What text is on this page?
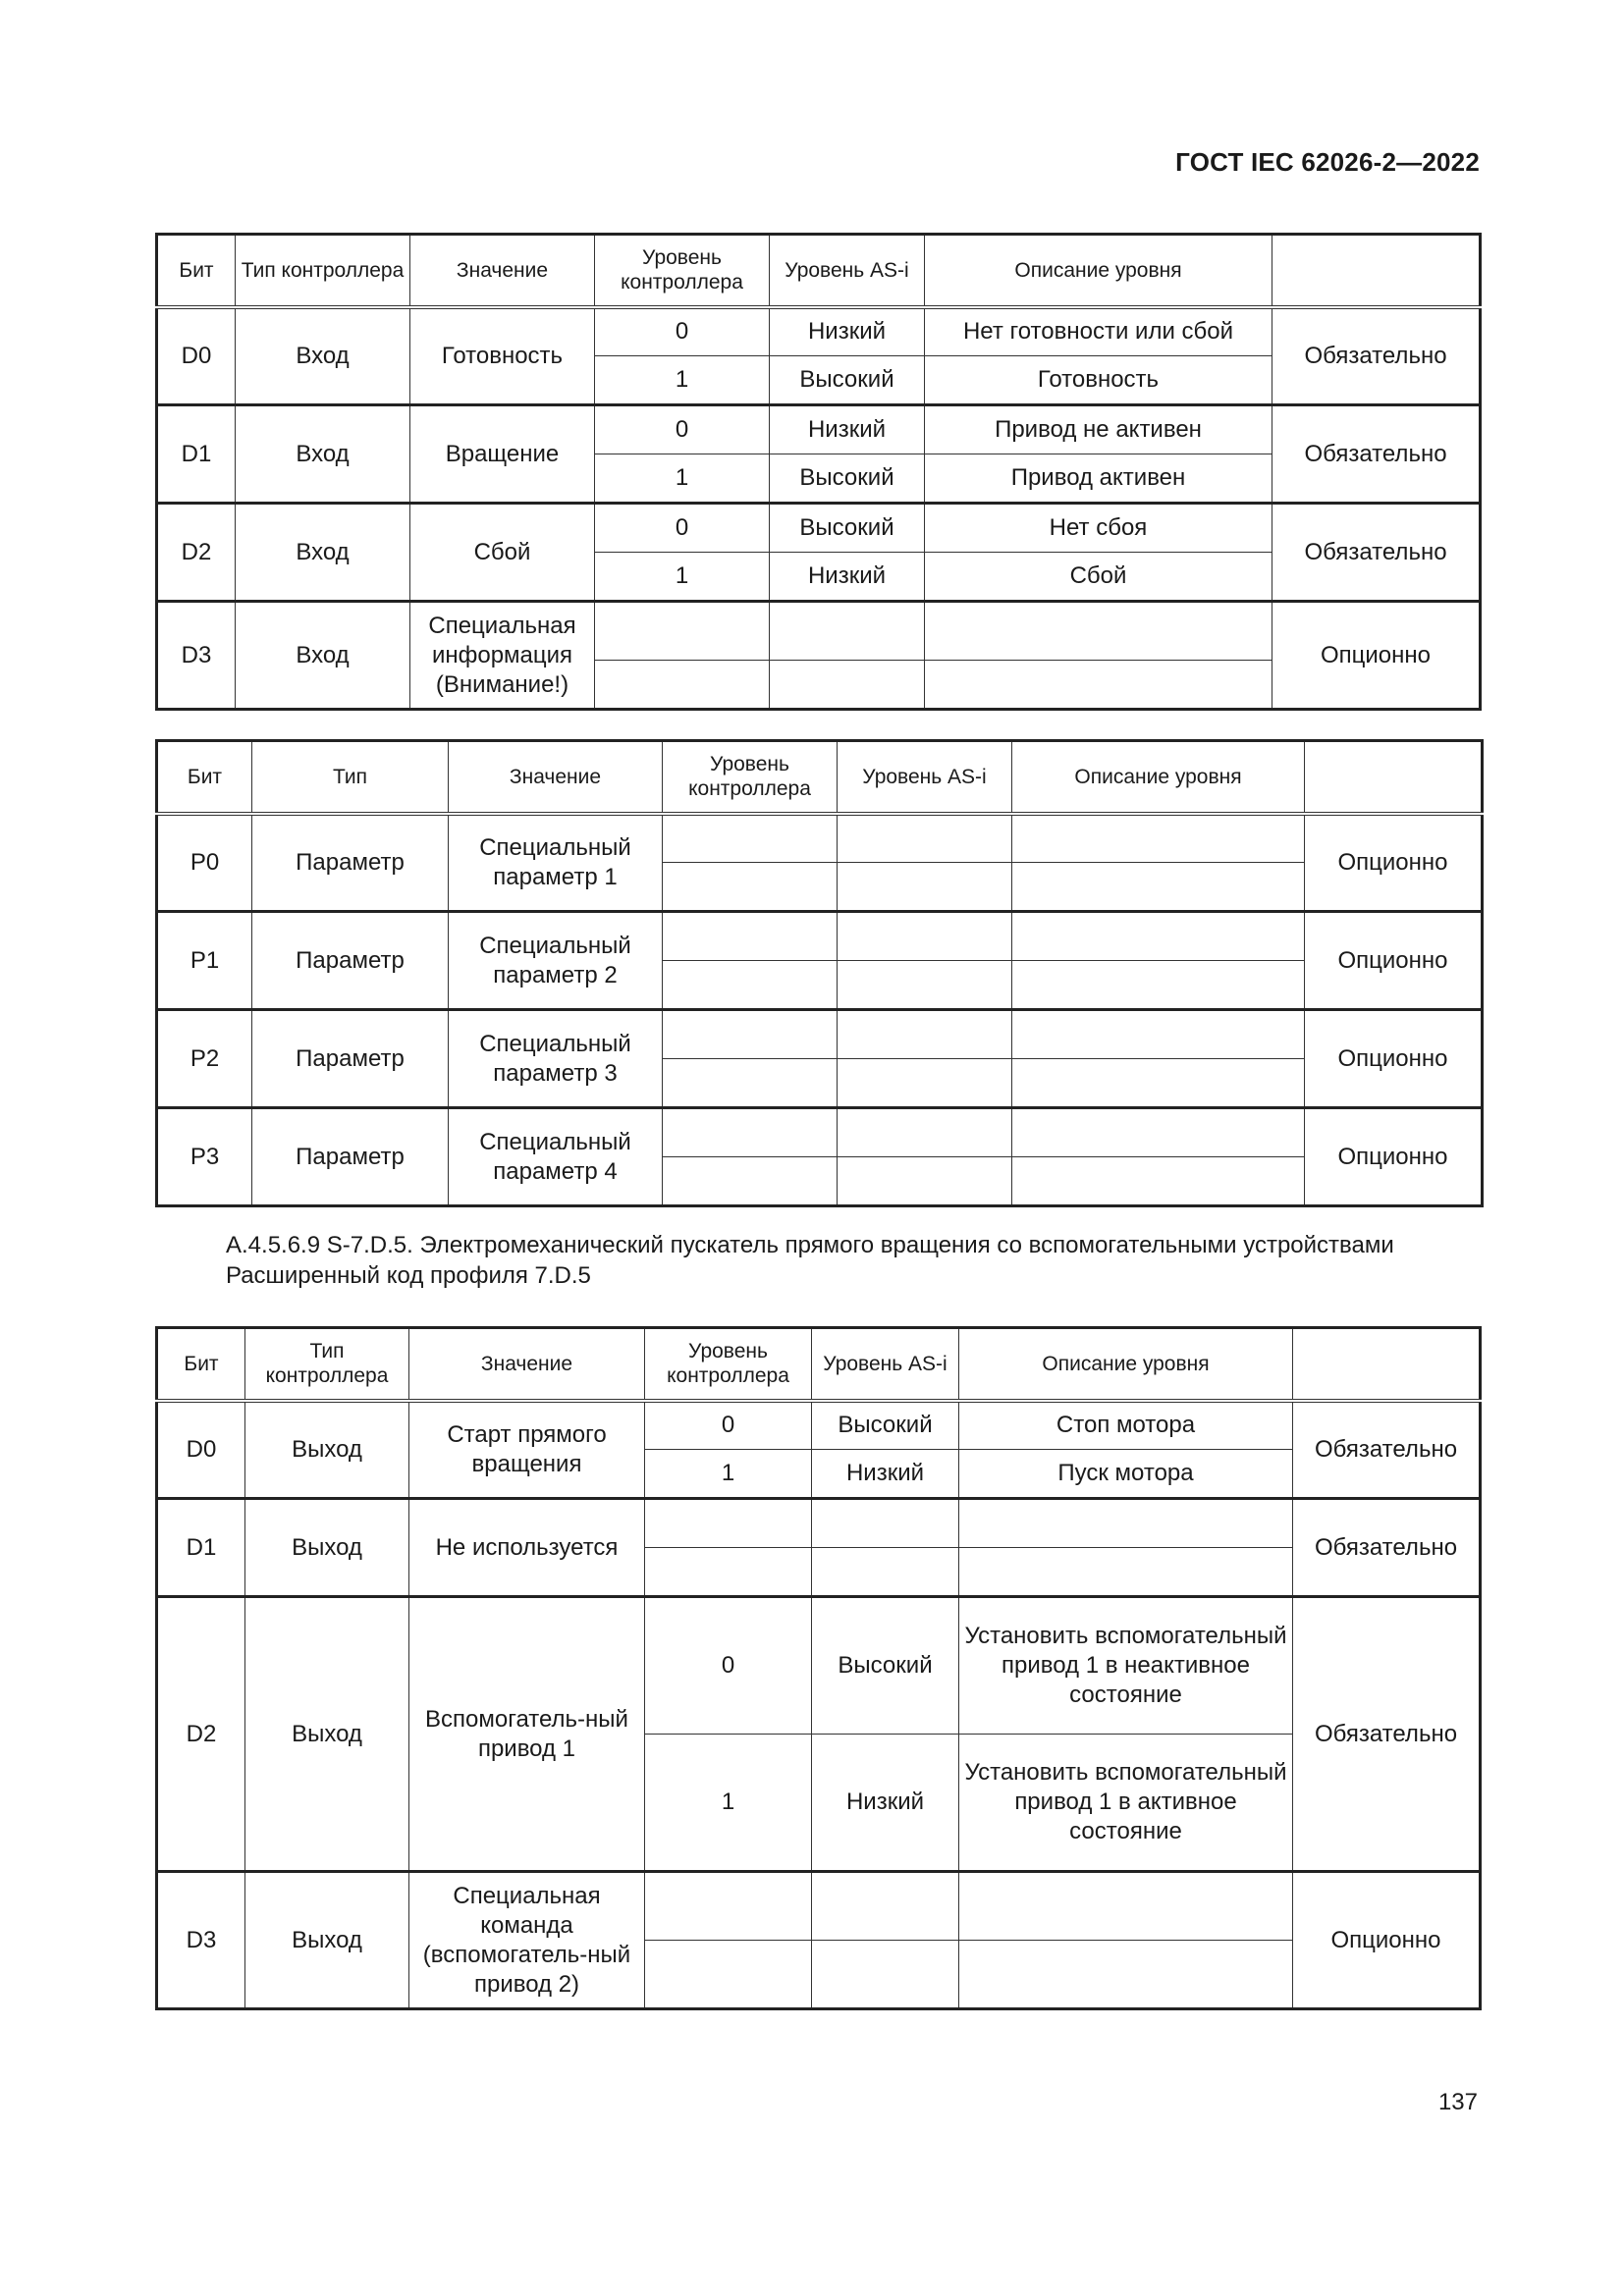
ГОСТ IEC 62026-2—2022
Бит	Тип контроллера	Значение	Уровень контроллера	Уровень AS-i	Описание уровня	
D0	Вход	Готовность	0	Низкий	Нет готовности или сбой	Обязательно
			1	Высокий	Готовность	
D1	Вход	Вращение	0	Низкий	Привод не активен	Обязательно
			1	Высокий	Привод активен	
D2	Вход	Сбой	0	Высокий	Нет сбоя	Обязательно
			1	Низкий	Сбой	
D3	Вход	Специальная информация (Внимание!)				Опционно

Бит	Тип	Значение	Уровень контроллера	Уровень AS-i	Описание уровня	
P0	Параметр	Специальный параметр 1				Опционно

P1	Параметр	Специальный параметр 2				Опционно

P2	Параметр	Специальный параметр 3				Опционно

P3	Параметр	Специальный параметр 4				Опционно

А.4.5.6.9 S-7.D.5. Электромеханический пускатель прямого вращения со вспомогательными устройствами
Расширенный код профиля 7.D.5
Бит	Тип контроллера	Значение	Уровень контроллера	Уровень AS-i	Описание уровня	
D0	Выход	Старт прямого вращения	0	Высокий	Стоп мотора	Обязательно
			1	Низкий	Пуск мотора	
D1	Выход	Не используется				Обязательно

D2	Выход	Вспомогатель-ный привод 1	0	Высокий	Установить вспомогательный привод 1 в неактивное состояние	Обязательно
			1	Низкий	Установить вспомогательный привод 1 в активное состояние	
D3	Выход	Специальная команда (вспомогатель-ный привод 2)				Опционно

137
